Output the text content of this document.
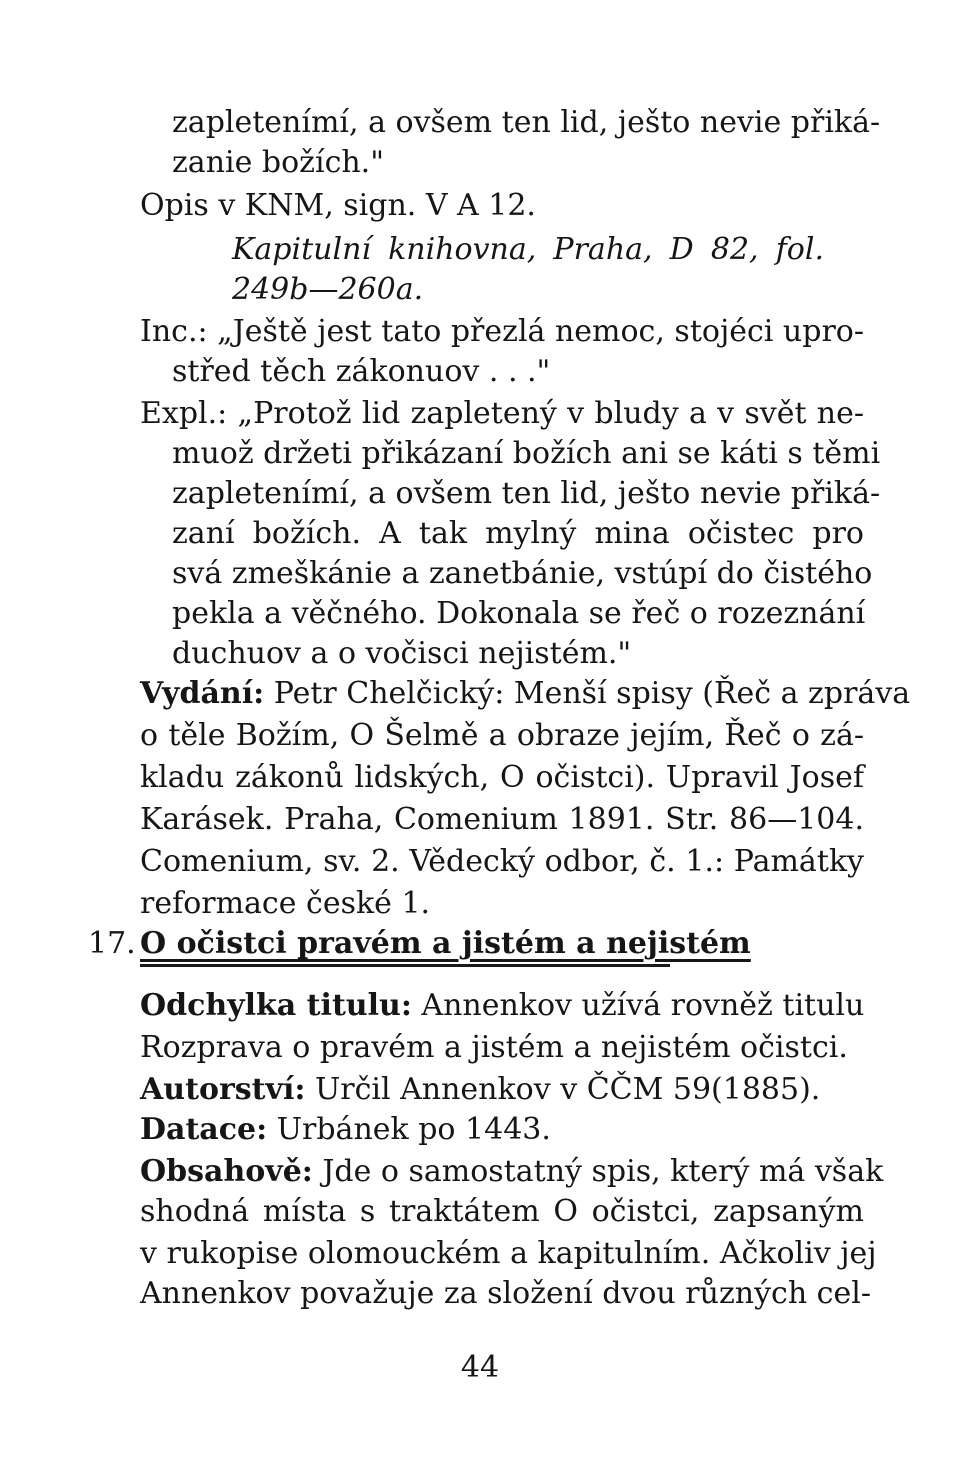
zapletenímí, a ovšem ten lid, ješto nevie přiká-
zanie božích."
Opis v KNM, sign. V A 12.
Kapitulní knihovna, Praha, D 82, fol.
249b—260a.
Inc.: „Ještě jest tato přezlá nemoc, stojéci upro-
střed těch zákonuov . . ."
Expl.: „Protož lid zapletený v bludy a v svět ne-
muož držeti přikázaní božích ani se káti s těmi
zapletenímí, a ovšem ten lid, ješto nevie přiká-
zaní božích. A tak mylný mina očistec pro
svá zmeškánie a zanetbánie, vstúpí do čistého
pekla a věčného. Dokonala se řeč o rozeznání
duchuov a o vočisci nejistém."
Vydání: Petr Chelčický: Menší spisy (Řeč a zpráva
o těle Božím, O Šelmě a obraze jejím, Řeč o zá-
kladu zákonů lidských, O očistci). Upravil Josef
Karásek. Praha, Comenium 1891. Str. 86—104.
Comenium, sv. 2. Vědecký odbor, č. 1.: Památky
reformace české 1.
17. O očistci pravém a jistém a nejistém
Odchylka titulu: Annenkov užívá rovněž titulu
Rozprava o pravém a jistém a nejistém očistci.
Autorství: Určil Annenkov v ČČM 59(1885).
Datace: Urbánek po 1443.
Obsahově: Jde o samostatný spis, který má však
shodná místa s traktátem O očistci, zapsaným
v rukopise olomouckém a kapitulním. Ačkoliv jej
Annenkov považuje za složení dvou různých cel-
44
